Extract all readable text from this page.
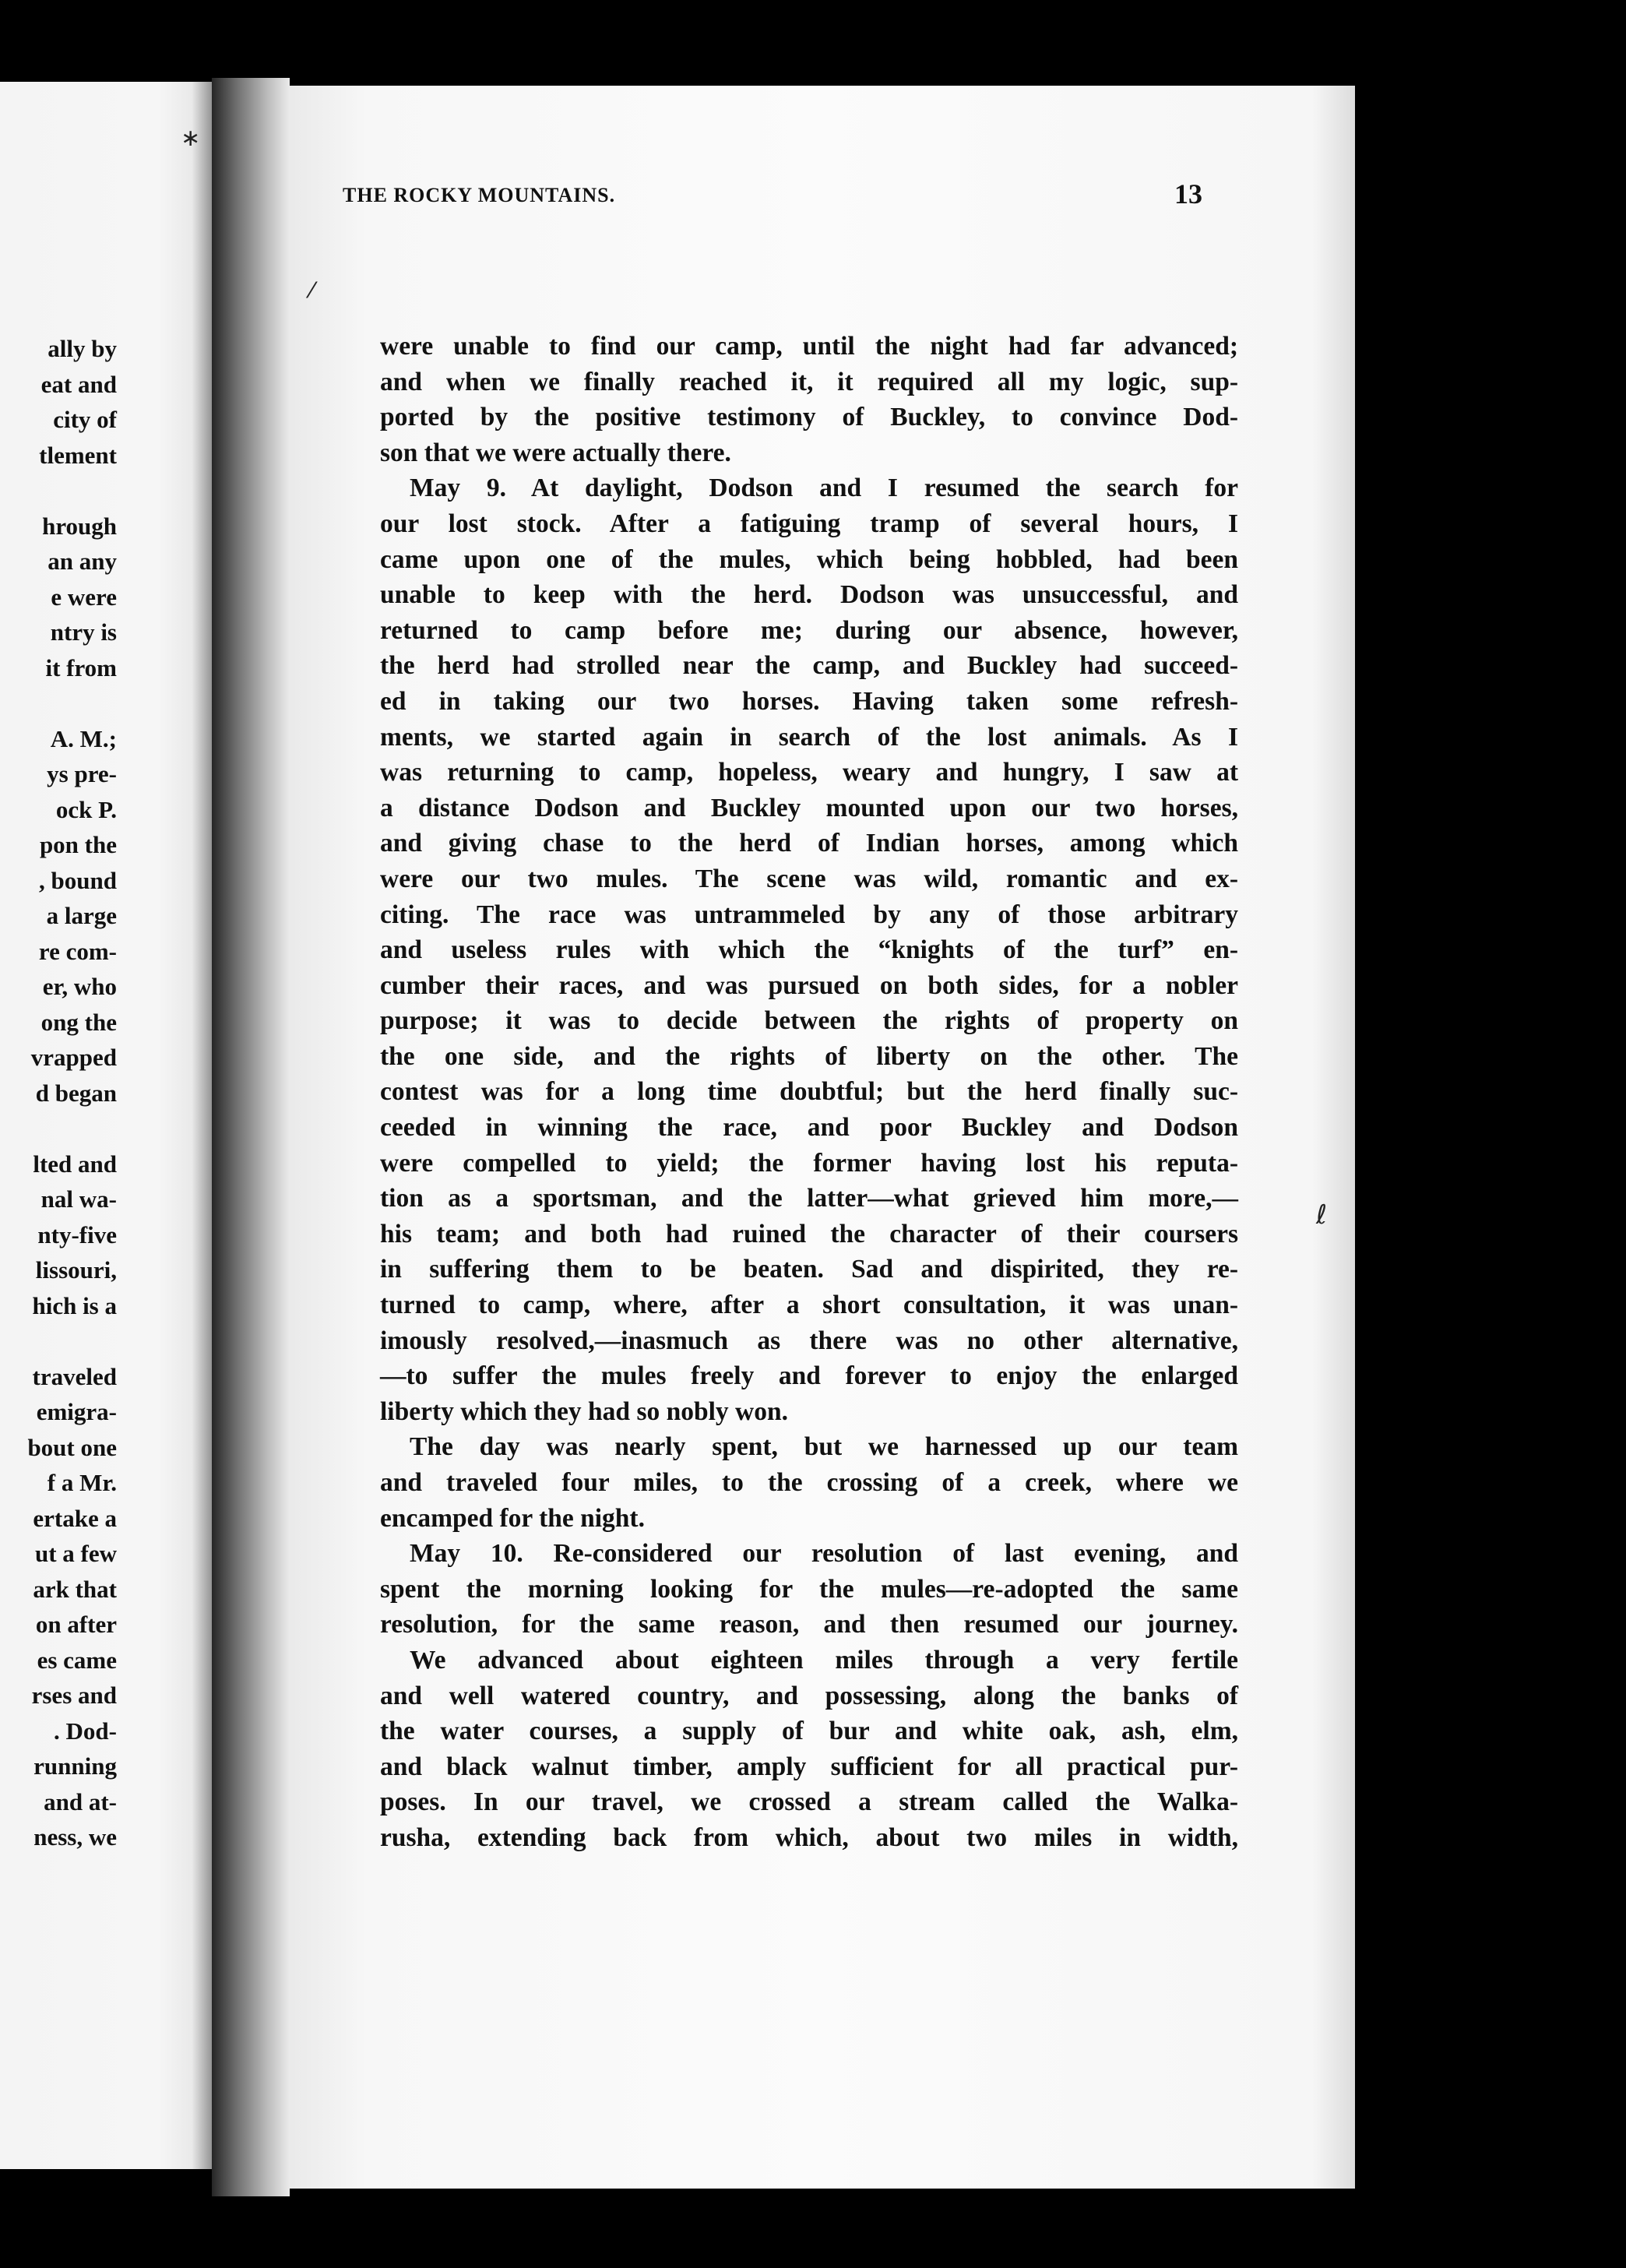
ally by
eat and
city of
tlement
hrough
an any
e were
ntry is
it from
A. M.;
ys pre-
ock P.
pon the
, bound
a large
re com-
er, who
ong the
vrapped
d began
lted and
nal wa-
nty-five
lissouri,
hich is a
traveled
emigra-
bout one
f a Mr.
ertake a
ut a few
ark that
on after
es came
rses and
. Dod-
running
and at-
ness, we
THE ROCKY MOUNTAINS.	13
were unable to find our camp, until the night had far advanced;
and when we finally reached it, it required all my logic, sup-
ported by the positive testimony of Buckley, to convince Dod-
son that we were actually there.
May 9. At daylight, Dodson and I resumed the search for
our lost stock. After a fatiguing tramp of several hours, I
came upon one of the mules, which being hobbled, had been
unable to keep with the herd. Dodson was unsuccessful, and
returned to camp before me; during our absence, however,
the herd had strolled near the camp, and Buckley had succeed-
ed in taking our two horses. Having taken some refresh-
ments, we started again in search of the lost animals. As I
was returning to camp, hopeless, weary and hungry, I saw at
a distance Dodson and Buckley mounted upon our two horses,
and giving chase to the herd of Indian horses, among which
were our two mules. The scene was wild, romantic and ex-
citing. The race was untrammeled by any of those arbitrary
and useless rules with which the “knights of the turf” en-
cumber their races, and was pursued on both sides, for a nobler
purpose; it was to decide between the rights of property on
the one side, and the rights of liberty on the other. The
contest was for a long time doubtful; but the herd finally suc-
ceeded in winning the race, and poor Buckley and Dodson
were compelled to yield; the former having lost his reputa-
tion as a sportsman, and the latter—what grieved him more,—
his team; and both had ruined the character of their coursers
in suffering them to be beaten. Sad and dispirited, they re-
turned to camp, where, after a short consultation, it was unan-
imously resolved,—inasmuch as there was no other alternative,
—to suffer the mules freely and forever to enjoy the enlarged
liberty which they had so nobly won.
The day was nearly spent, but we harnessed up our team
and traveled four miles, to the crossing of a creek, where we
encamped for the night.
May 10. Re-considered our resolution of last evening, and
spent the morning looking for the mules—re-adopted the same
resolution, for the same reason, and then resumed our journey.
We advanced about eighteen miles through a very fertile
and well watered country, and possessing, along the banks of
the water courses, a supply of bur and white oak, ash, elm,
and black walnut timber, amply sufficient for all practical pur-
poses. In our travel, we crossed a stream called the Walka-
rusha, extending back from which, about two miles in width,
∗
⁄
ℓ
